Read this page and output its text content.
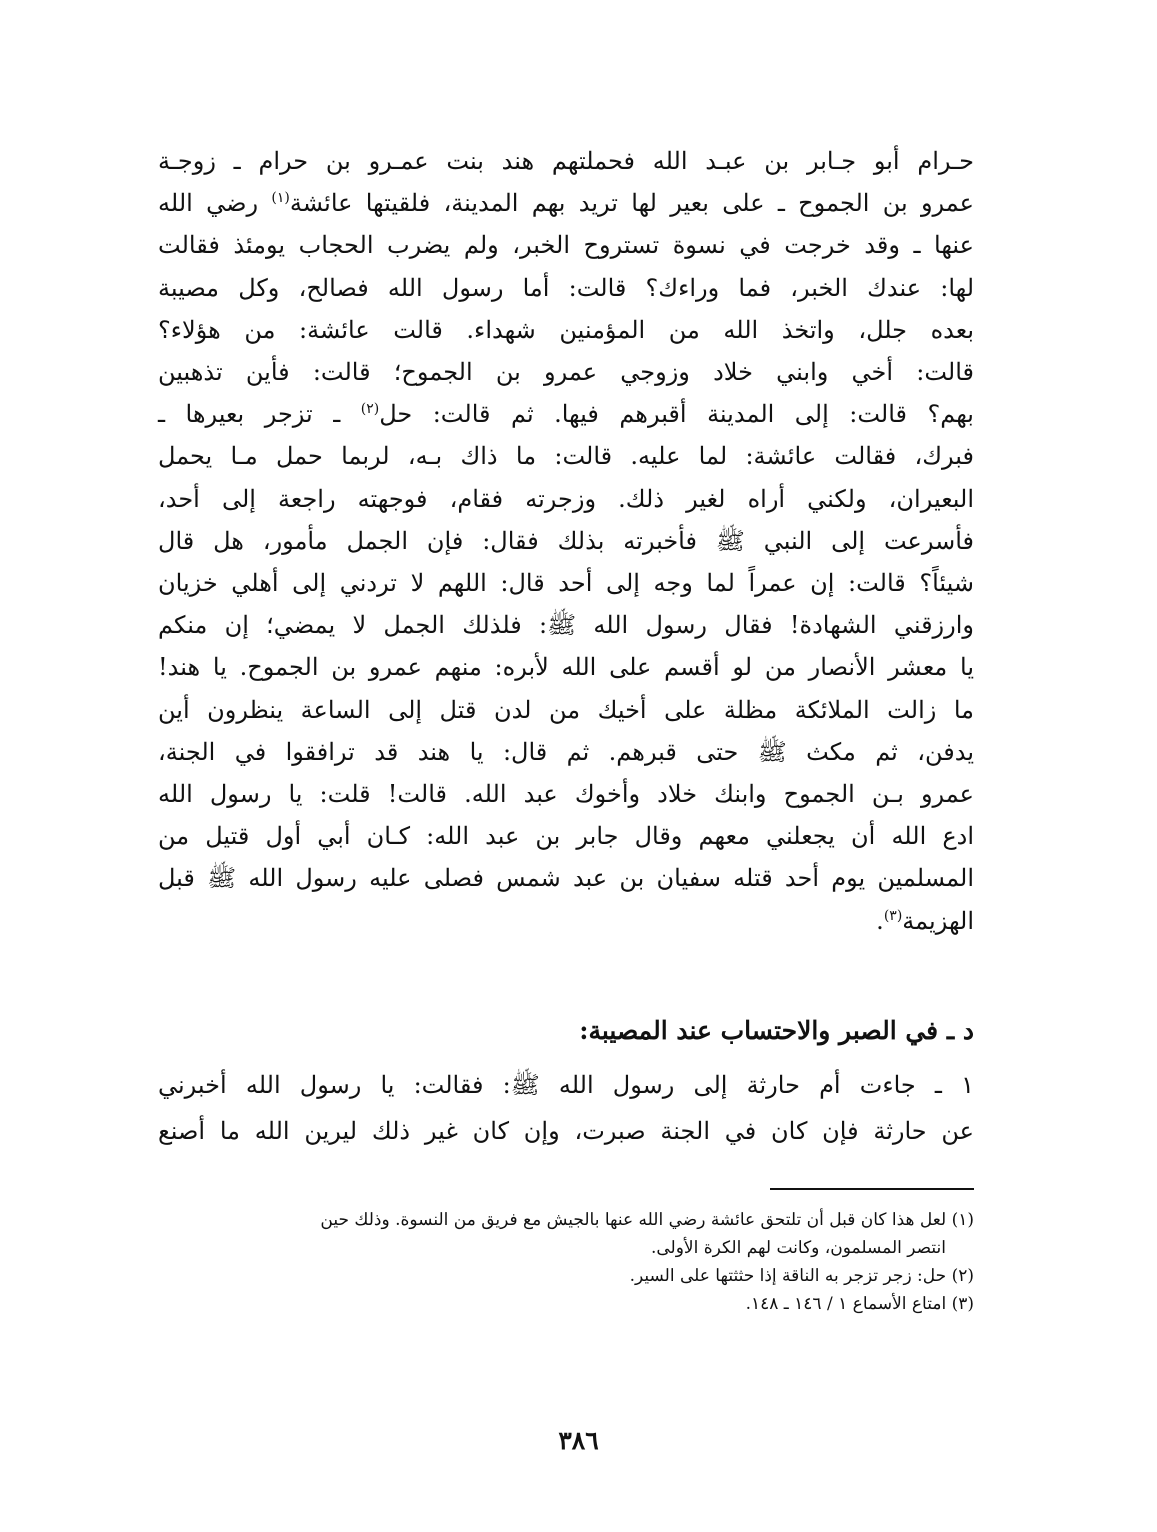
حـرام أبو جـابر بن عبـد الله فحملتهم هند بنت عمـرو بن حرام ـ زوجـة
عمرو بن الجموح ـ على بعير لها تريد بهم المدينة، فلقيتها عائشة$^{(١)}$ رضي الله
عنها ـ وقد خرجت في نسوة تستروح الخبر، ولم يضرب الحجاب يومئذ فقالت
لها: عندك الخبر، فما وراءك؟ قالت: أما رسول الله فصالح، وكل مصيبة
بعده جلل، واتخذ الله من المؤمنين شهداء. قالت عائشة: من هؤلاء؟
قالت: أخي وابني خلاد وزوجي عمرو بن الجموح؛ قالت: فأين تذهبين
بهم؟ قالت: إلى المدينة أقبرهم فيها. ثم قالت: حل$^{(٢)}$ ـ تزجر بعيرها ـ
فبرك، فقالت عائشة: لما عليه. قالت: ما ذاك بـه، لربما حمل مـا يحمل
البعيران، ولكني أراه لغير ذلك. وزجرته فقام، فوجهته راجعة إلى أحد،
فأسرعت إلى النبي ﷺ فأخبرته بذلك فقال: فإن الجمل مأمور، هل قال
شيئاً؟ قالت: إن عمراً لما وجه إلى أحد قال: اللهم لا تردني إلى أهلي خزيان
وارزقني الشهادة! فقال رسول الله ﷺ: فلذلك الجمل لا يمضي؛ إن منكم
يا معشر الأنصار من لو أقسم على الله لأبره: منهم عمرو بن الجموح. يا هند!
ما زالت الملائكة مظلة على أخيك من لدن قتل إلى الساعة ينظرون أين
يدفن، ثم مكث ﷺ حتى قبرهم. ثم قال: يا هند قد ترافقوا في الجنة،
عمرو بـن الجموح وابنك خلاد وأخوك عبد الله. قالت! قلت: يا رسول الله
ادع الله أن يجعلني معهم وقال جابر بن عبد الله: كـان أبي أول قتيل من
المسلمين يوم أحد قتله سفيان بن عبد شمس فصلى عليه رسول الله ﷺ قبل
الهزيمة$^{(٣)}$.
د ـ في الصبر والاحتساب عند المصيبة:
١ ـ جاءت أم حارثة إلى رسول الله ﷺ: فقالت: يا رسول الله أخبرني
عن حارثة فإن كان في الجنة صبرت، وإن كان غير ذلك ليرين الله ما أصنع
(١) لعل هذا كان قبل أن تلتحق عائشة رضي الله عنها بالجيش مع فريق من النسوة. وذلك حين
انتصر المسلمون، وكانت لهم الكرة الأولى.
(٢) حل: زجر تزجر به الناقة إذا حثثتها على السير.
(٣) امتاع الأسماع ١ / ١٤٦ ـ ١٤٨.
٣٨٦
